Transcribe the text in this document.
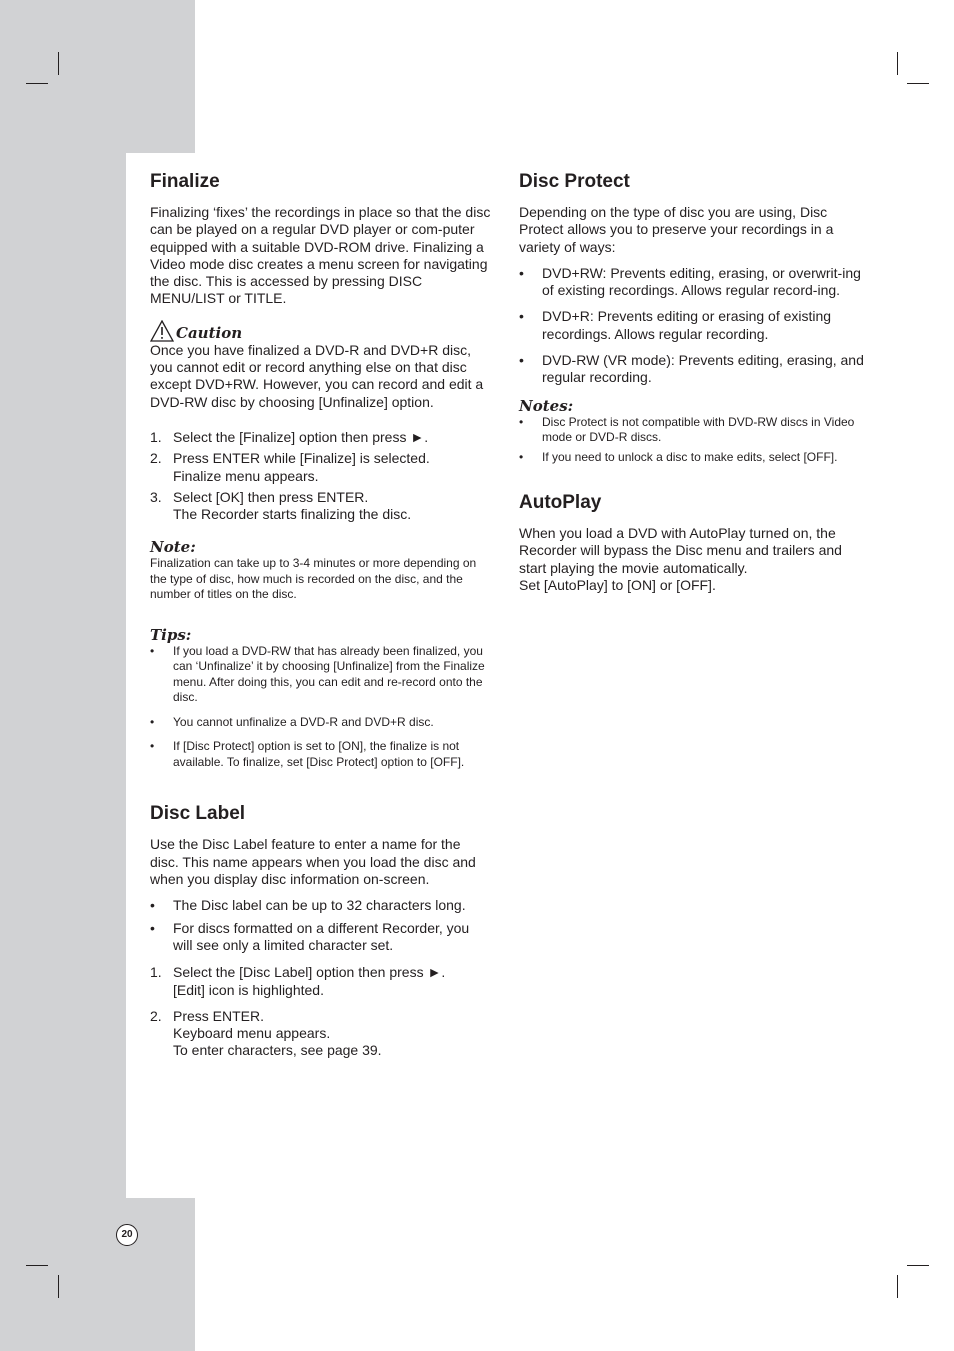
Finalize

Finalizing ‘fixes’ the recordings in place so that the disc can be played on a regular DVD player or com-puter equipped with a suitable DVD-ROM drive. Finalizing a Video mode disc creates a menu screen for navigating the disc. This is accessed by pressing DISC MENU/LIST or TITLE.

Caution

Once you have finalized a DVD-R and DVD+R disc, you cannot edit or record anything else on that disc except DVD+RW. However, you can record and edit a DVD-RW disc by choosing [Unfinalize] option.

1. Select the [Finalize] option then press ►.
2. Press ENTER while [Finalize] is selected.
Finalize menu appears.
3. Select [OK] then press ENTER.
The Recorder starts finalizing the disc.
Note:

Finalization can take up to 3-4 minutes or more depending on the type of disc, how much is recorded on the disc, and the number of titles on the disc.

Tips:
•	If you load a DVD-RW that has already been finalized, you can ‘Unfinalize’ it by choosing [Unfinalize] from the Finalize menu. After doing this, you can edit and re-record onto the disc.
•	You cannot unfinalize a DVD-R and DVD+R disc.
•	If [Disc Protect] option is set to [ON], the finalize is not available. To finalize, set [Disc Protect] option to [OFF].
Disc Label

Use the Disc Label feature to enter a name for the disc. This name appears when you load the disc and when you display disc information on-screen.

•	The Disc label can be up to 32 characters long.
•	For discs formatted on a different Recorder, you will see only a limited character set.
1. Select the [Disc Label] option then press ►.
[Edit] icon is highlighted.
2. Press ENTER.
Keyboard menu appears.
To enter characters, see page 39.
Disc Protect

Depending on the type of disc you are using, Disc Protect allows you to preserve your recordings in a variety of ways:

•	DVD+RW: Prevents editing, erasing, or overwrit-ing of existing recordings. Allows regular record-ing.
•	DVD+R: Prevents editing or erasing of existing recordings. Allows regular recording.
•	DVD-RW (VR mode): Prevents editing, erasing, and regular recording.
Notes:
•	Disc Protect is not compatible with DVD-RW discs in Video mode or DVD-R discs.
•	If you need to unlock a disc to make edits, select [OFF].
AutoPlay

When you load a DVD with AutoPlay turned on, the Recorder will bypass the Disc menu and trailers and start playing the movie automatically.

Set [AutoPlay] to [ON] or [OFF].

20
